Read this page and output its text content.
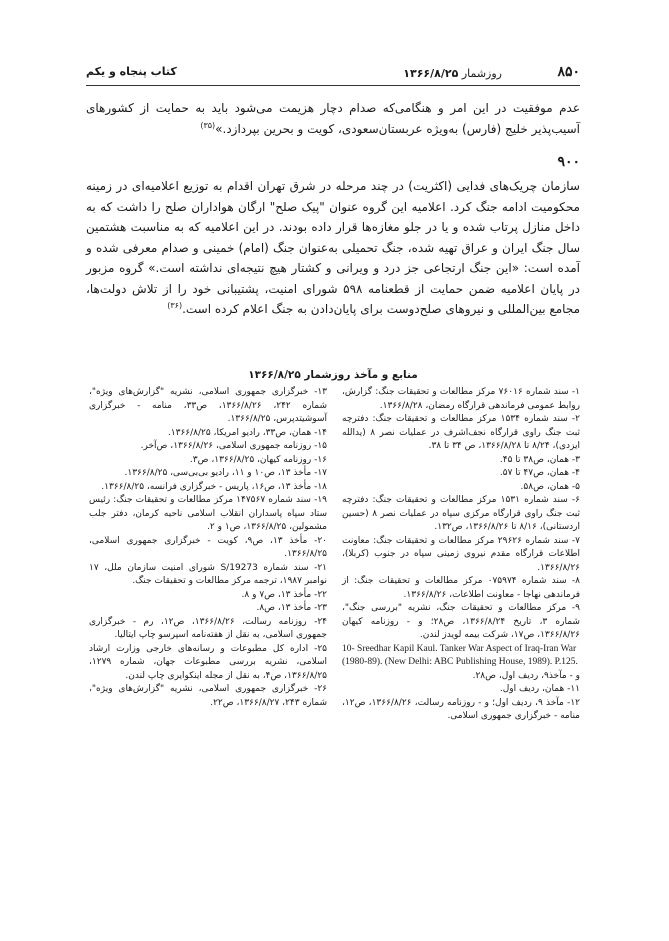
۸۵۰
روزشمار ۱۳۶۶/۸/۲۵
کتاب پنجاه و یکم

عدم موفقیت در این امر و هنگامی‌که صدام دچار هزیمت می‌شود باید به حمایت از کشورهای آسیب‌پذیر خلیج (فارس) به‌ویژه عربستان‌سعودی، کویت و بحرین بپردازد.»$^{(۳۵)}$

۹۰۰

سازمان چریک‌های فدایی (اکثریت) در چند مرحله در شرق تهران اقدام به توزیع اعلامیه‌ای در زمینه محکومیت ادامه جنگ کرد. اعلامیه این گروه عنوان "پیک صلح" ارگان هواداران صلح را داشت که به داخل منازل پرتاب شده و یا در جلو مغازه‌ها قرار داده بودند. در این اعلامیه که به مناسبت هشتمین سال جنگ ایران و عراق تهیه شده، جنگ تحمیلی به‌عنوان جنگ (امام) خمینی و صدام معرفی شده و آمده است: «این جنگ ارتجاعی جز درد و ویرانی و کشتار هیچ نتیجه‌ای نداشته است.» گروه مزبور در پایان اعلامیه ضمن حمایت از قطعنامه ۵۹۸ شورای امنیت، پشتیبانی خود را از تلاش دولت‌ها، مجامع بین‌المللی و نیروهای صلح‌دوست برای پایان‌دادن به جنگ اعلام کرده است.$^{(۳۶)}$

منابع و مآخذ روزشمار ۱۳۶۶/۸/۲۵

۱- سند شماره ۷۶۰۱۶ مرکز مطالعات و تحقیقات جنگ: گزارش، روابط عمومی فرماندهی قرارگاه رمضان، ۱۳۶۶/۸/۲۸.

۲- سند شماره ۱۵۳۴ مرکز مطالعات و تحقیقات جنگ: دفترچه ثبت جنگ راوی قرارگاه نجف‌اشرف در عملیات نصر ۸ (یدالله ایزدی)، ۸/۲۴ تا ۱۳۶۶/۸/۲۸، ص ۳۴ تا ۳۸.

۳- همان، ص۳۸ تا ۴۵.

۴- همان، ص۴۷ تا ۵۷.

۵- همان، ص۵۸.

۶- سند شماره ۱۵۳۱ مرکز مطالعات و تحقیقات جنگ: دفترچه ثبت جنگ راوی قرارگاه مرکزی سپاه در عملیات نصر ۸ (حسین اردستانی)، ۸/۱۶ تا ۱۳۶۶/۸/۲۶، ص۱۳۲.

۷- سند شماره ۲۹۶۲۶ مرکز مطالعات و تحقیقات جنگ: معاونت اطلاعات قرارگاه مقدم نیروی زمینی سپاه در جنوب (کربلا)، ۱۳۶۶/۸/۲۶.

۸- سند شماره ۰۷۵۹۷۴ مرکز مطالعات و تحقیقات جنگ: از فرماندهی نهاجا - معاونت اطلاعات، ۱۳۶۶/۸/۲۶.

۹- مرکز مطالعات و تحقیقات جنگ، نشریه "بررسی جنگ"، شماره ۳، تاریخ ۱۳۶۶/۸/۲۴، ص۲۸؛ و - روزنامه کیهان ۱۳۶۶/۸/۲۶، ص۱۷، شرکت بیمه لویدز لندن.

10- Sreedhar Kapil Kaul. Tanker War Aspect of Iraq-Iran War (1980-89). (New Delhi: ABC Publishing House, 1989). P.125.

و - مآخذ۹، ردیف اول، ص۲۸.

۱۱- همان، ردیف اول.

۱۲- مآخذ ۹، ردیف اول؛ و - روزنامه رسالت، ۱۳۶۶/۸/۲۶، ص۱۲، منامه - خبرگزاری جمهوری اسلامی.

۱۳- خبرگزاری جمهوری اسلامی، نشریه "گزارش‌های ویژه"، شماره ۲۴۲، ۱۳۶۶/۸/۲۶، ص۳۳، منامه - خبرگزاری آسوشیتدپرس، ۱۳۶۶/۸/۲۵.

۱۴- همان، ص۳۳، رادیو امریکا، ۱۳۶۶/۸/۲۵.

۱۵- روزنامه جمهوری اسلامی، ۱۳۶۶/۸/۲۶، ص‌آخر.

۱۶- روزنامه کیهان، ۱۳۶۶/۸/۲۵، ص۳.

۱۷- مأخذ ۱۳، ص۱۰ و ۱۱، رادیو بی‌بی‌سی، ۱۳۶۶/۸/۲۵.

۱۸- مأخذ ۱۳، ص۱۶، پاریس - خبرگزاری فرانسه، ۱۳۶۶/۸/۲۵.

۱۹- سند شماره ۱۴۷۵۶۷ مرکز مطالعات و تحقیقات جنگ: رئیس ستاد سپاه پاسداران انقلاب اسلامی ناحیه کرمان، دفتر جلب مشمولین، ۱۳۶۶/۸/۲۵، ص۱ و ۲.

۲۰- مأخذ ۱۳، ص۹، کویت - خبرگزاری جمهوری اسلامی، ۱۳۶۶/۸/۲۵.

۲۱- سند شماره S/19273 شورای امنیت سازمان ملل، ۱۷ نوامبر ۱۹۸۷، ترجمه مرکز مطالعات و تحقیقات جنگ.

۲۲- مأخذ ۱۳، ص۷ و ۸.

۲۳- مأخذ ۱۳، ص۸.

۲۴- روزنامه رسالت، ۱۳۶۶/۸/۲۶، ص۱۲، رم - خبرگزاری جمهوری اسلامی، به نقل از هفته‌نامه اسپرسو چاپ ایتالیا.

۲۵- اداره کل مطبوعات و رسانه‌های خارجی وزارت ارشاد اسلامی، نشریه بررسی مطبوعات جهان، شماره ۱۲۷۹، ۱۳۶۶/۸/۲۵، ص۴، به نقل از مجله اینکوایری چاپ لندن.

۲۶- خبرگزاری جمهوری اسلامی، نشریه "گزارش‌های ویژه"، شماره ۲۴۳، ۱۳۶۶/۸/۲۷، ص۲۲.
